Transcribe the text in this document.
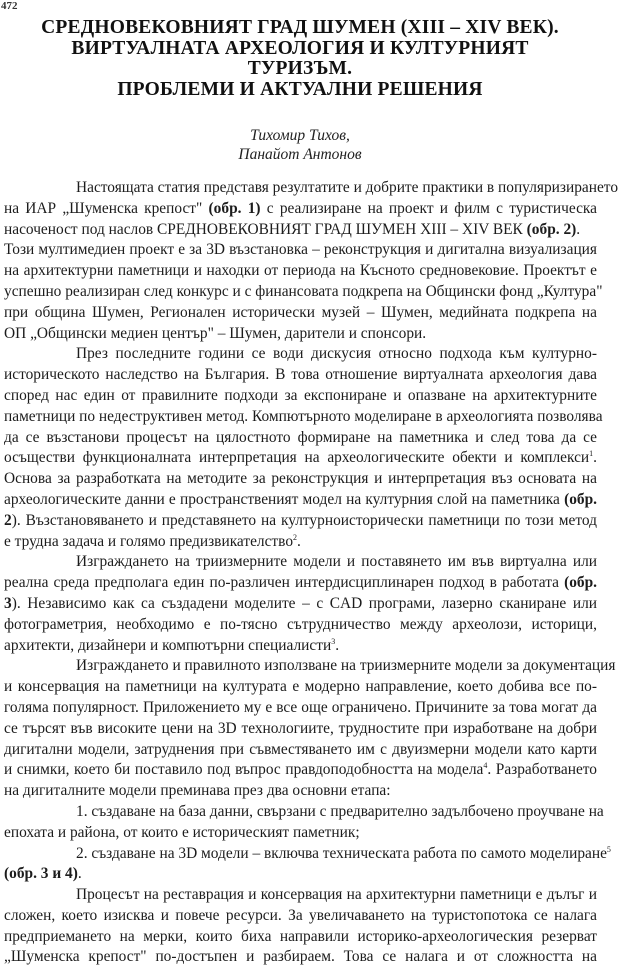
472
СРЕДНОВЕКОВНИЯТ ГРАД ШУМЕН (XIII – XIV ВЕК).
ВИРТУАЛНАТА АРХЕОЛОГИЯ И КУЛТУРНИЯТ
ТУРИЗЪМ.
ПРОБЛЕМИ И АКТУАЛНИ РЕШЕНИЯ
Тихомир Тихов,
Панайот Антонов
Настоящата статия представя резултатите и добрите практики в популяризирането
на ИАР „Шуменска крепост" (обр. 1) с реализиране на проект и филм с туристическа
насоченост под наслов СРЕДНОВЕКОВНИЯТ ГРАД ШУМЕН XIII – XIV ВЕК (обр. 2).
Този мултимедиен проект е за 3D възстановка – реконструкция и дигитална визуализация
на архитектурни паметници и находки от периода на Късното средновековие. Проектът е
успешно реализиран след конкурс и с финансовата подкрепа на Общински фонд „Култура"
при община Шумен, Регионален исторически музей – Шумен, медийната подкрепа на
ОП „Общински медиен център" – Шумен, дарители и спонсори.
През последните години се води дискусия относно подхода към културно-
историческото наследство на България. В това отношение виртуалната археология дава
според нас един от правилните подходи за експониране и опазване на архитектурните
паметници по недеструктивен метод. Компютърното моделиране в археологията позволява
да се възстанови процесът на цялостното формиране на паметника и след това да се
осъществи функционалната интерпретация на археологическите обекти и комплекси$^1$.
Основа за разработката на методите за реконструкция и интерпретация въз основата на
археологическите данни е пространственият модел на културния слой на паметника (обр.
2). Възстановяването и представянето на културноисторически паметници по този метод
е трудна задача и голямо предизвикателство$^2$.
Изграждането на триизмерните модели и поставянето им във виртуална или
реална среда предполага един по-различен интердисциплинарен подход в работата (обр.
3). Независимо как са създадени моделите – с CAD програми, лазерно сканиране или
фотограметрия, необходимо е по-тясно сътрудничество между археолози, историци,
архитекти, дизайнери и компютърни специалисти$^3$.
Изграждането и правилното използване на триизмерните модели за документация
и консервация на паметници на културата е модерно направление, което добива все по-
голяма популярност. Приложението му е все още ограничено. Причините за това могат да
се търсят във високите цени на 3D технологиите, трудностите при изработване на добри
дигитални модели, затруднения при съвместяването им с двуизмерни модели като карти
и снимки, което би поставило под въпрос правдоподобността на модела$^4$. Разработването
на дигиталните модели преминава през два основни етапа:
1. създаване на база данни, свързани с предварително задълбочено проучване на
епохата и района, от които е историческият паметник;
2. създаване на 3D модели – включва техническата работа по самото моделиране$^5$
(обр. 3 и 4).
Процесът на реставрация и консервация на архитектурни паметници е дълъг и
сложен, което изисква и повече ресурси. За увеличаването на туристопотока се налага
предприемането на мерки, които биха направили историко-археологическия резерват
„Шуменска крепост" по-достъпен и разбираем. Това се налага и от сложността на
